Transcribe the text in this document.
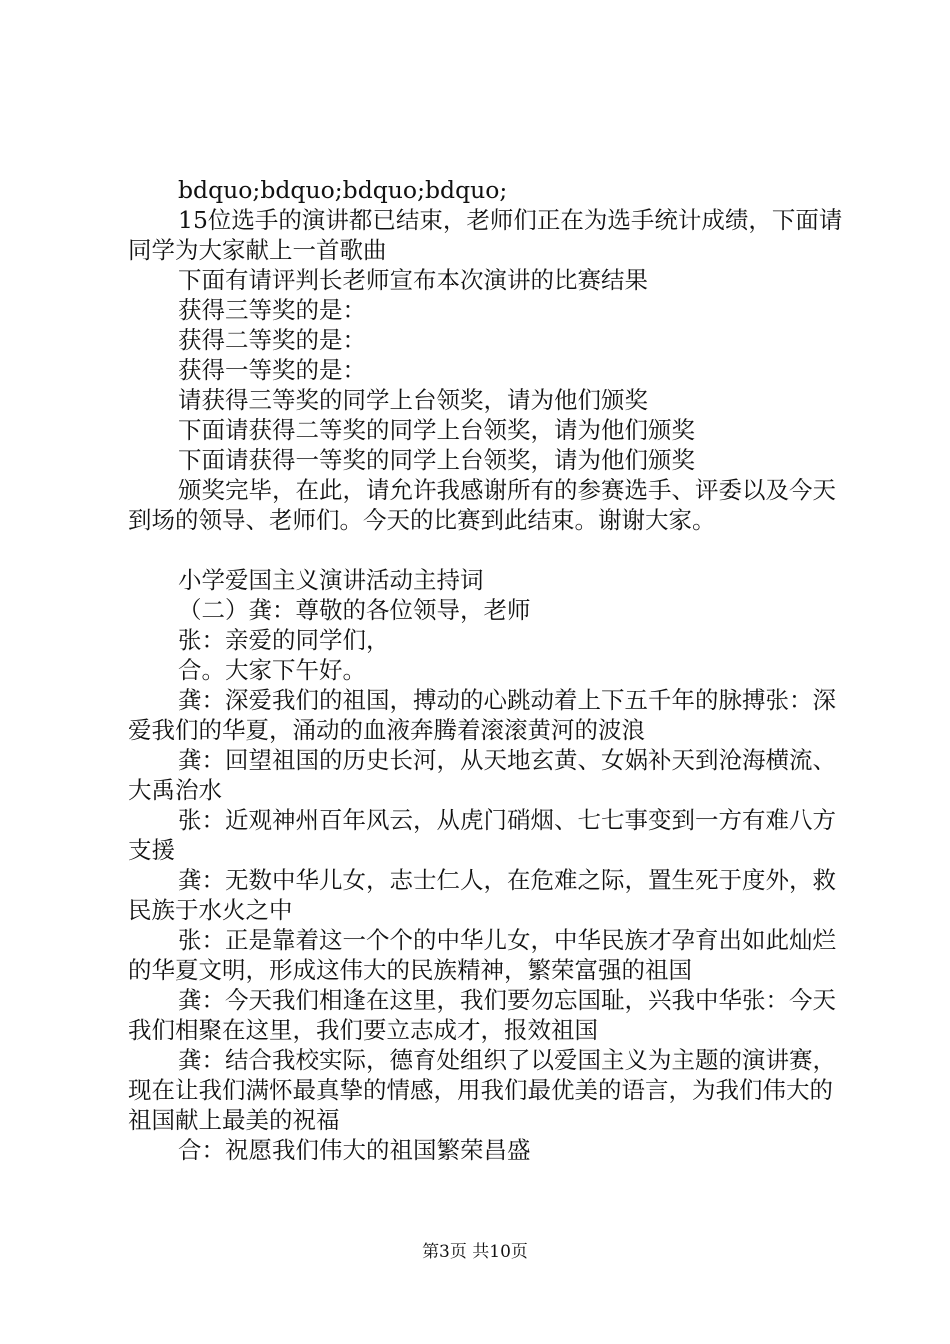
bdquo;bdquo;bdquo;bdquo;

15位选手的演讲都已结束，老师们正在为选手统计成绩，下面请同学为大家献上一首歌曲

下面有请评判长老师宣布本次演讲的比赛结果

获得三等奖的是：

获得二等奖的是：

获得一等奖的是：

请获得三等奖的同学上台领奖，请为他们颁奖

下面请获得二等奖的同学上台领奖，请为他们颁奖

下面请获得一等奖的同学上台领奖，请为他们颁奖

颁奖完毕，在此，请允许我感谢所有的参赛选手、评委以及今天到场的领导、老师们。今天的比赛到此结束。谢谢大家。

小学爱国主义演讲活动主持词

（二）龚：尊敬的各位领导，老师

张：亲爱的同学们，

合。大家下午好。

龚：深爱我们的祖国，搏动的心跳动着上下五千年的脉搏张：深爱我们的华夏，涌动的血液奔腾着滚滚黄河的波浪

龚：回望祖国的历史长河，从天地玄黄、女娲补天到沧海横流、大禹治水

张：近观神州百年风云，从虎门硝烟、七七事变到一方有难八方支援

龚：无数中华儿女，志士仁人，在危难之际，置生死于度外，救民族于水火之中

张：正是靠着这一个个的中华儿女，中华民族才孕育出如此灿烂的华夏文明，形成这伟大的民族精神，繁荣富强的祖国

龚：今天我们相逢在这里，我们要勿忘国耻，兴我中华张：今天我们相聚在这里，我们要立志成才，报效祖国

龚：结合我校实际，德育处组织了以爱国主义为主题的演讲赛，现在让我们满怀最真挚的情感，用我们最优美的语言，为我们伟大的祖国献上最美的祝福

合：祝愿我们伟大的祖国繁荣昌盛

第3页 共10页
